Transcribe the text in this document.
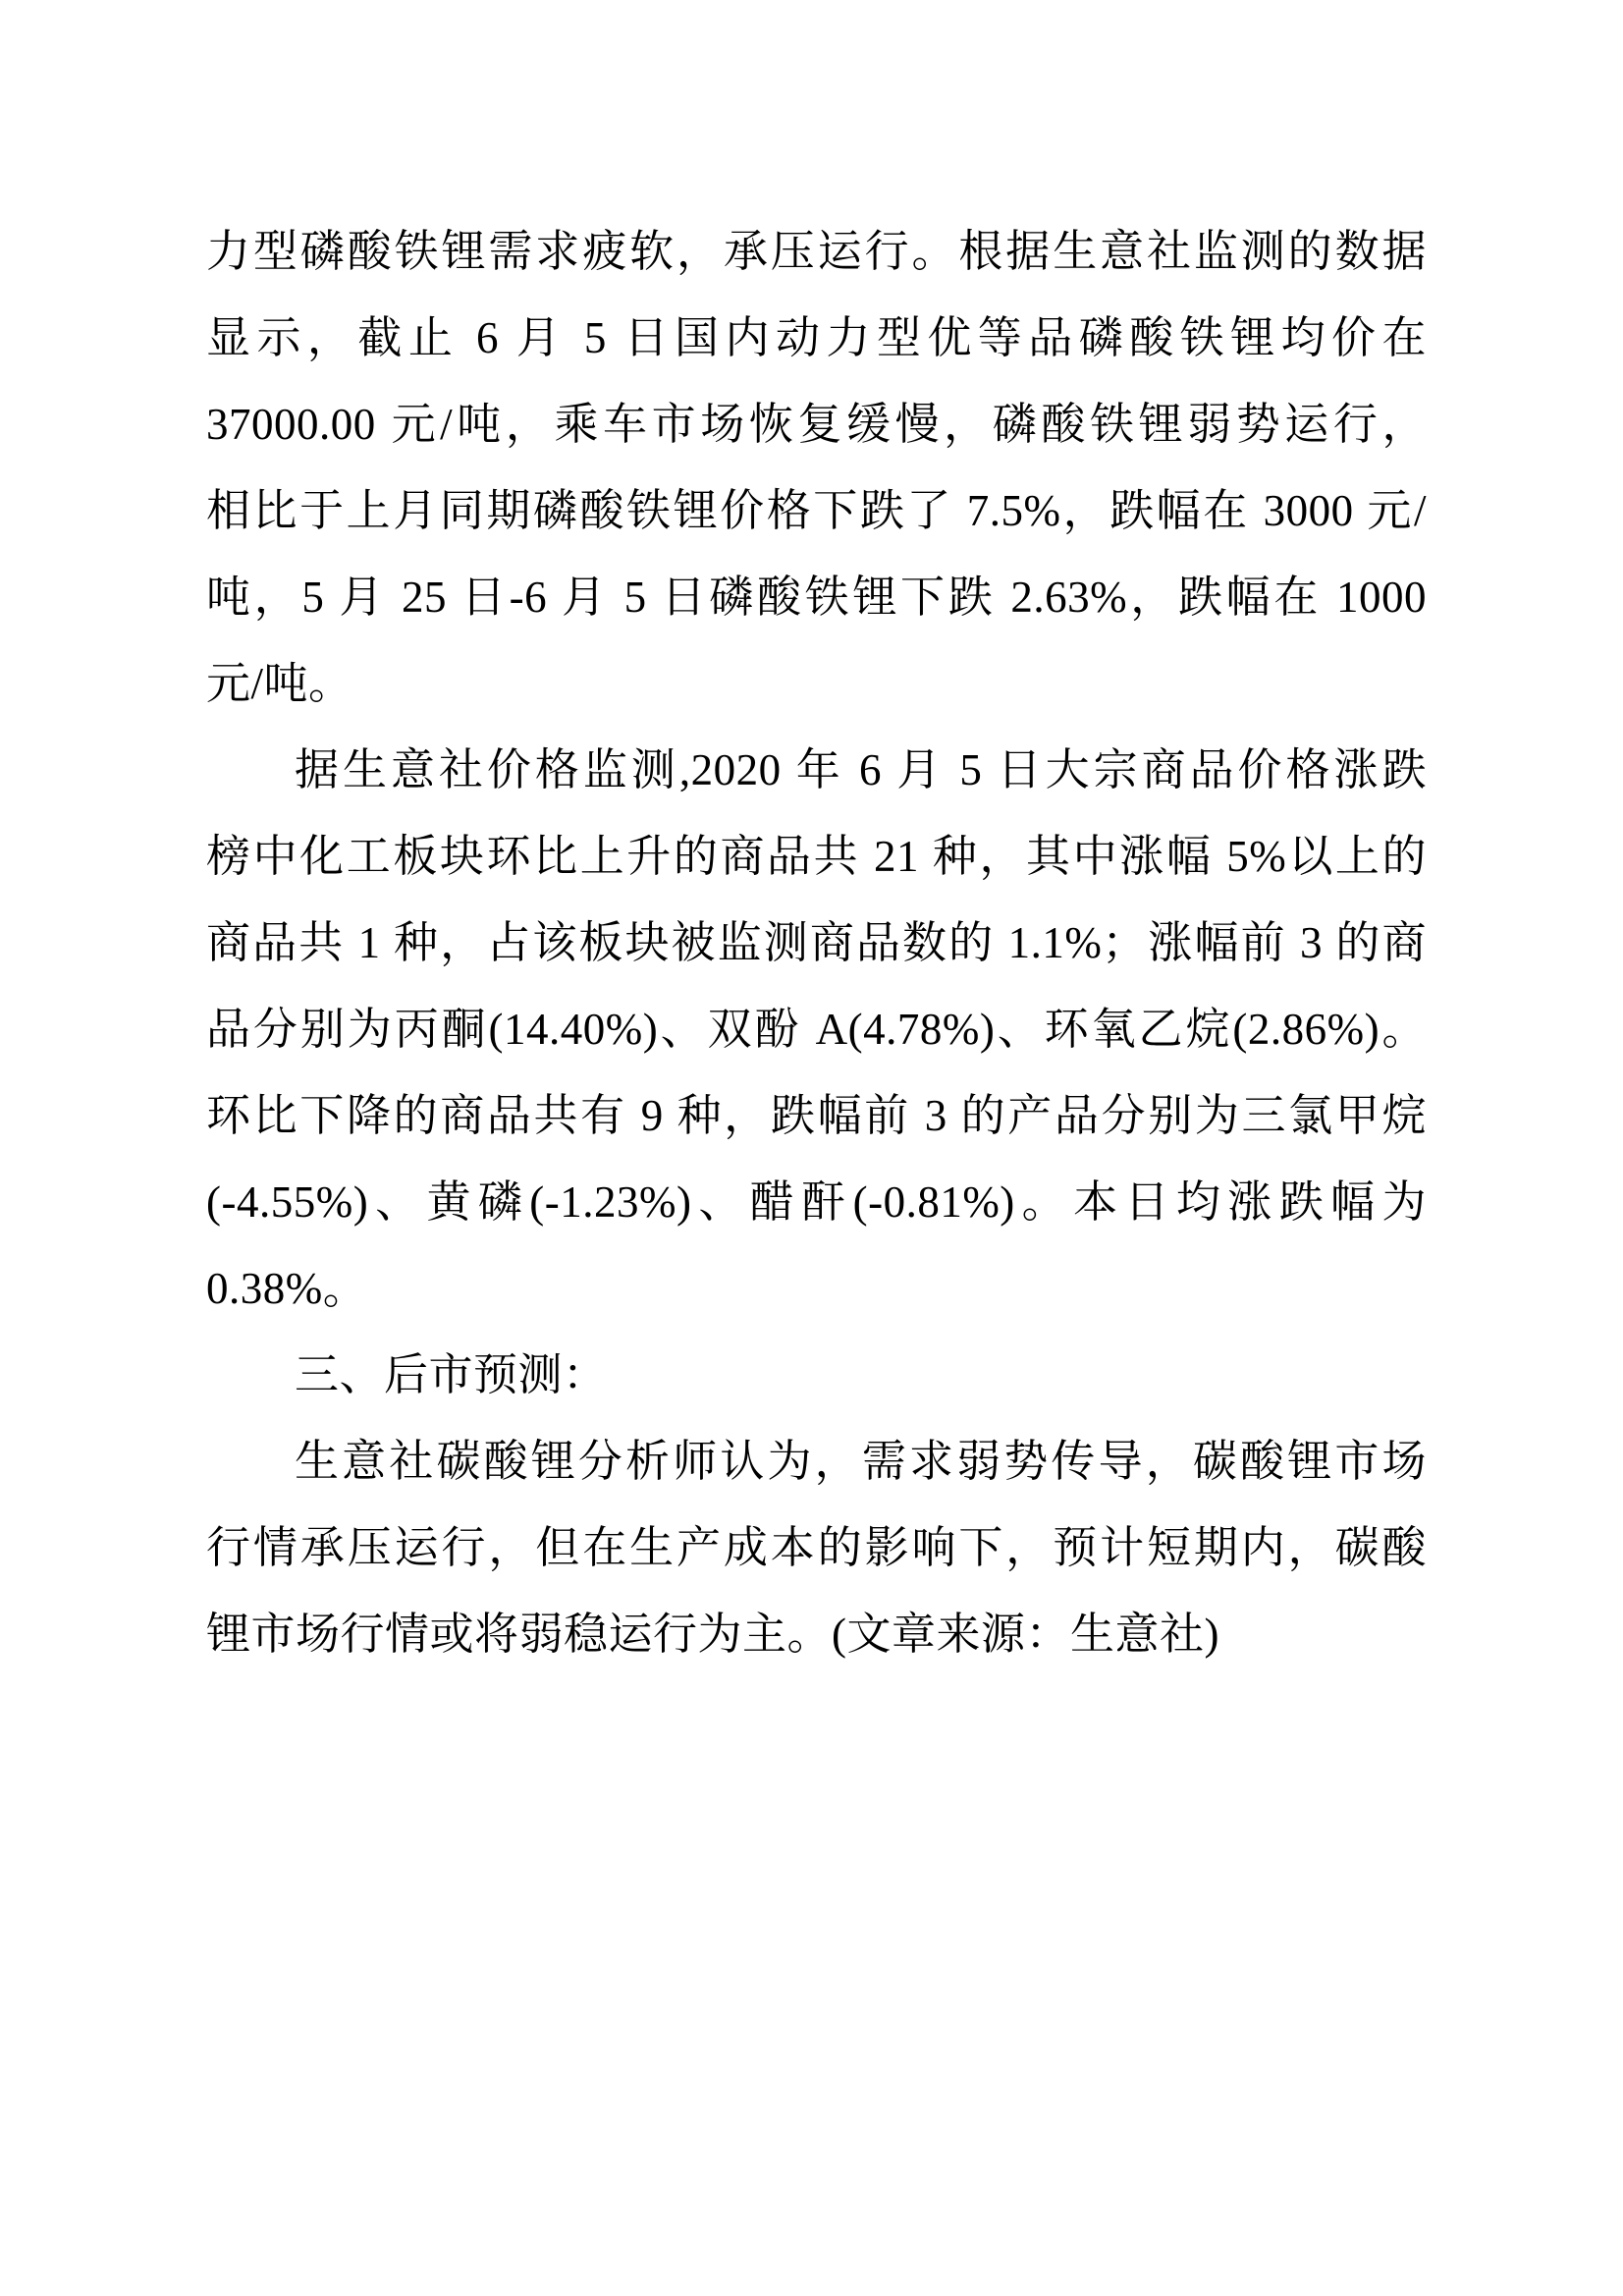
力型磷酸铁锂需求疲软，承压运行。根据生意社监测的数据
显示，截止 6 月 5 日国内动力型优等品磷酸铁锂均价在
37000.00 元/吨，乘车市场恢复缓慢，磷酸铁锂弱势运行，
相比于上月同期磷酸铁锂价格下跌了 7.5%，跌幅在 3000 元/
吨，5 月 25 日-6 月 5 日磷酸铁锂下跌 2.63%，跌幅在 1000
元/吨。
据生意社价格监测,2020 年 6 月 5 日大宗商品价格涨跌
榜中化工板块环比上升的商品共 21 种，其中涨幅 5%以上的
商品共 1 种，占该板块被监测商品数的 1.1%；涨幅前 3 的商
品分别为丙酮(14.40%)、双酚 A(4.78%)、环氧乙烷(2.86%)。
环比下降的商品共有 9 种，跌幅前 3 的产品分别为三氯甲烷
(-4.55%)、黄磷(-1.23%)、醋酐(-0.81%)。本日均涨跌幅为
0.38%。
三、后市预测：
生意社碳酸锂分析师认为，需求弱势传导，碳酸锂市场
行情承压运行，但在生产成本的影响下，预计短期内，碳酸
锂市场行情或将弱稳运行为主。(文章来源：生意社)
